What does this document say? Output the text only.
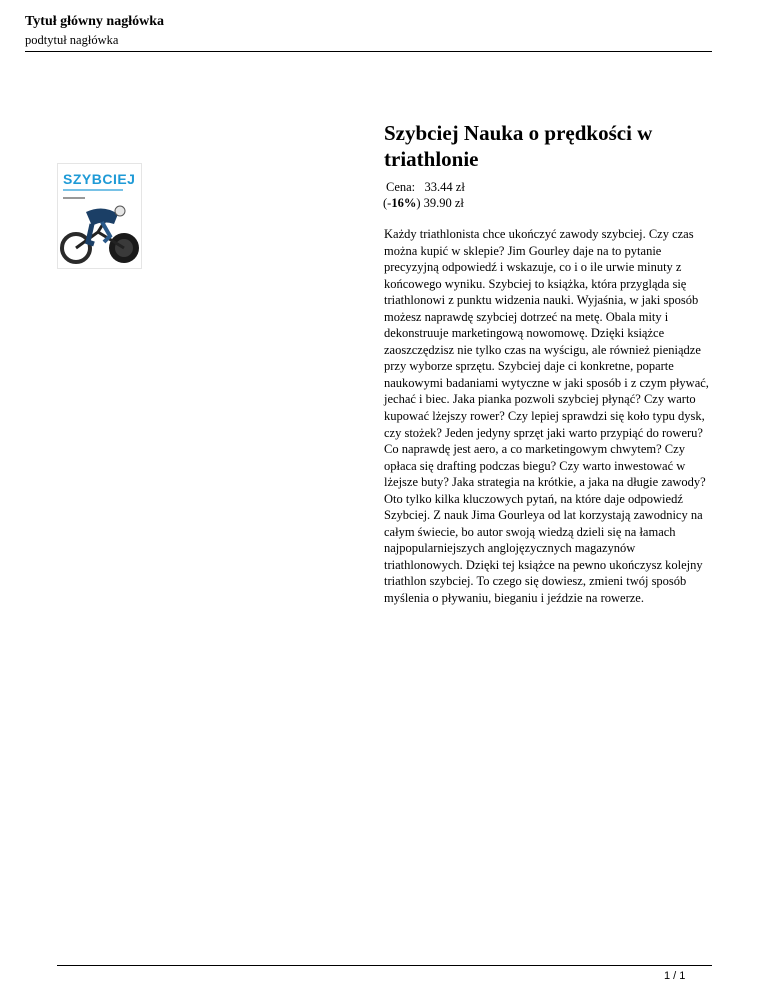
Tytuł główny nagłówka
podtytuł nagłówka
SZYBCIEJ
Szybciej Nauka o prędkości w triathlonie
Cena: 33.44 zł
(-16%) 39.90 zł

Każdy triathlonista chce ukończyć zawody szybciej. Czy czas można kupić w sklepie? Jim Gourley daje na to pytanie precyzyjną odpowiedź i wskazuje, co i o ile urwie minuty z końcowego wyniku. Szybciej to książka, która przygląda się triathlonowi z punktu widzenia nauki. Wyjaśnia, w jaki sposób możesz naprawdę szybciej dotrzeć na metę. Obala mity i dekonstruuje marketingową nowomowę. Dzięki książce zaoszczędzisz nie tylko czas na wyścigu, ale również pieniądze przy wyborze sprzętu. Szybciej daje ci konkretne, poparte naukowymi badaniami wytyczne w jaki sposób i z czym pływać, jechać i biec. Jaka pianka pozwoli szybciej płynąć? Czy warto kupować lżejszy rower? Czy lepiej sprawdzi się koło typu dysk, czy stożek? Jeden jedyny sprzęt jaki warto przypiąć do roweru? Co naprawdę jest aero, a co marketingowym chwytem? Czy opłaca się drafting podczas biegu? Czy warto inwestować w lżejsze buty? Jaka strategia na krótkie, a jaka na długie zawody? Oto tylko kilka kluczowych pytań, na które daje odpowiedź Szybciej. Z nauk Jima Gourleya od lat korzystają zawodnicy na całym świecie, bo autor swoją wiedzą dzieli się na łamach najpopularniejszych anglojęzycznych magazynów triathlonowych. Dzięki tej książce na pewno ukończysz kolejny triathlon szybciej. To czego się dowiesz, zmieni twój sposób myślenia o pływaniu, bieganiu i jeździe na rowerze.

1 / 1
